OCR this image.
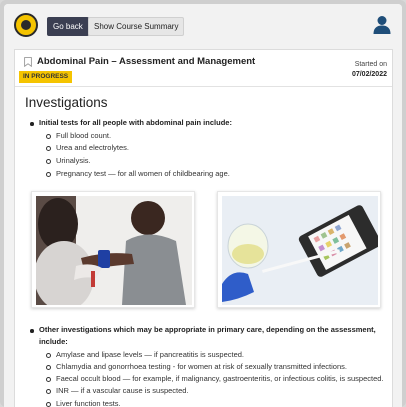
Go back	Show Course Summary
Abdominal Pain – Assessment and Management
IN PROGRESS
Started on
07/02/2022
Investigations
Initial tests for all people with abdominal pain include:
Full blood count.
Urea and electrolytes.
Urinalysis.
Pregnancy test — for all women of childbearing age.
Other investigations which may be appropriate in primary care, depending on the assessment,
include:
Amylase and lipase levels — if pancreatitis is suspected.
Chlamydia and gonorrhoea testing - for women at risk of sexually transmitted infections.
Faecal occult blood — for example, if malignancy, gastroenteritis, or infectious colitis, is suspected.
INR — if a vascular cause is suspected.
Liver function tests.
